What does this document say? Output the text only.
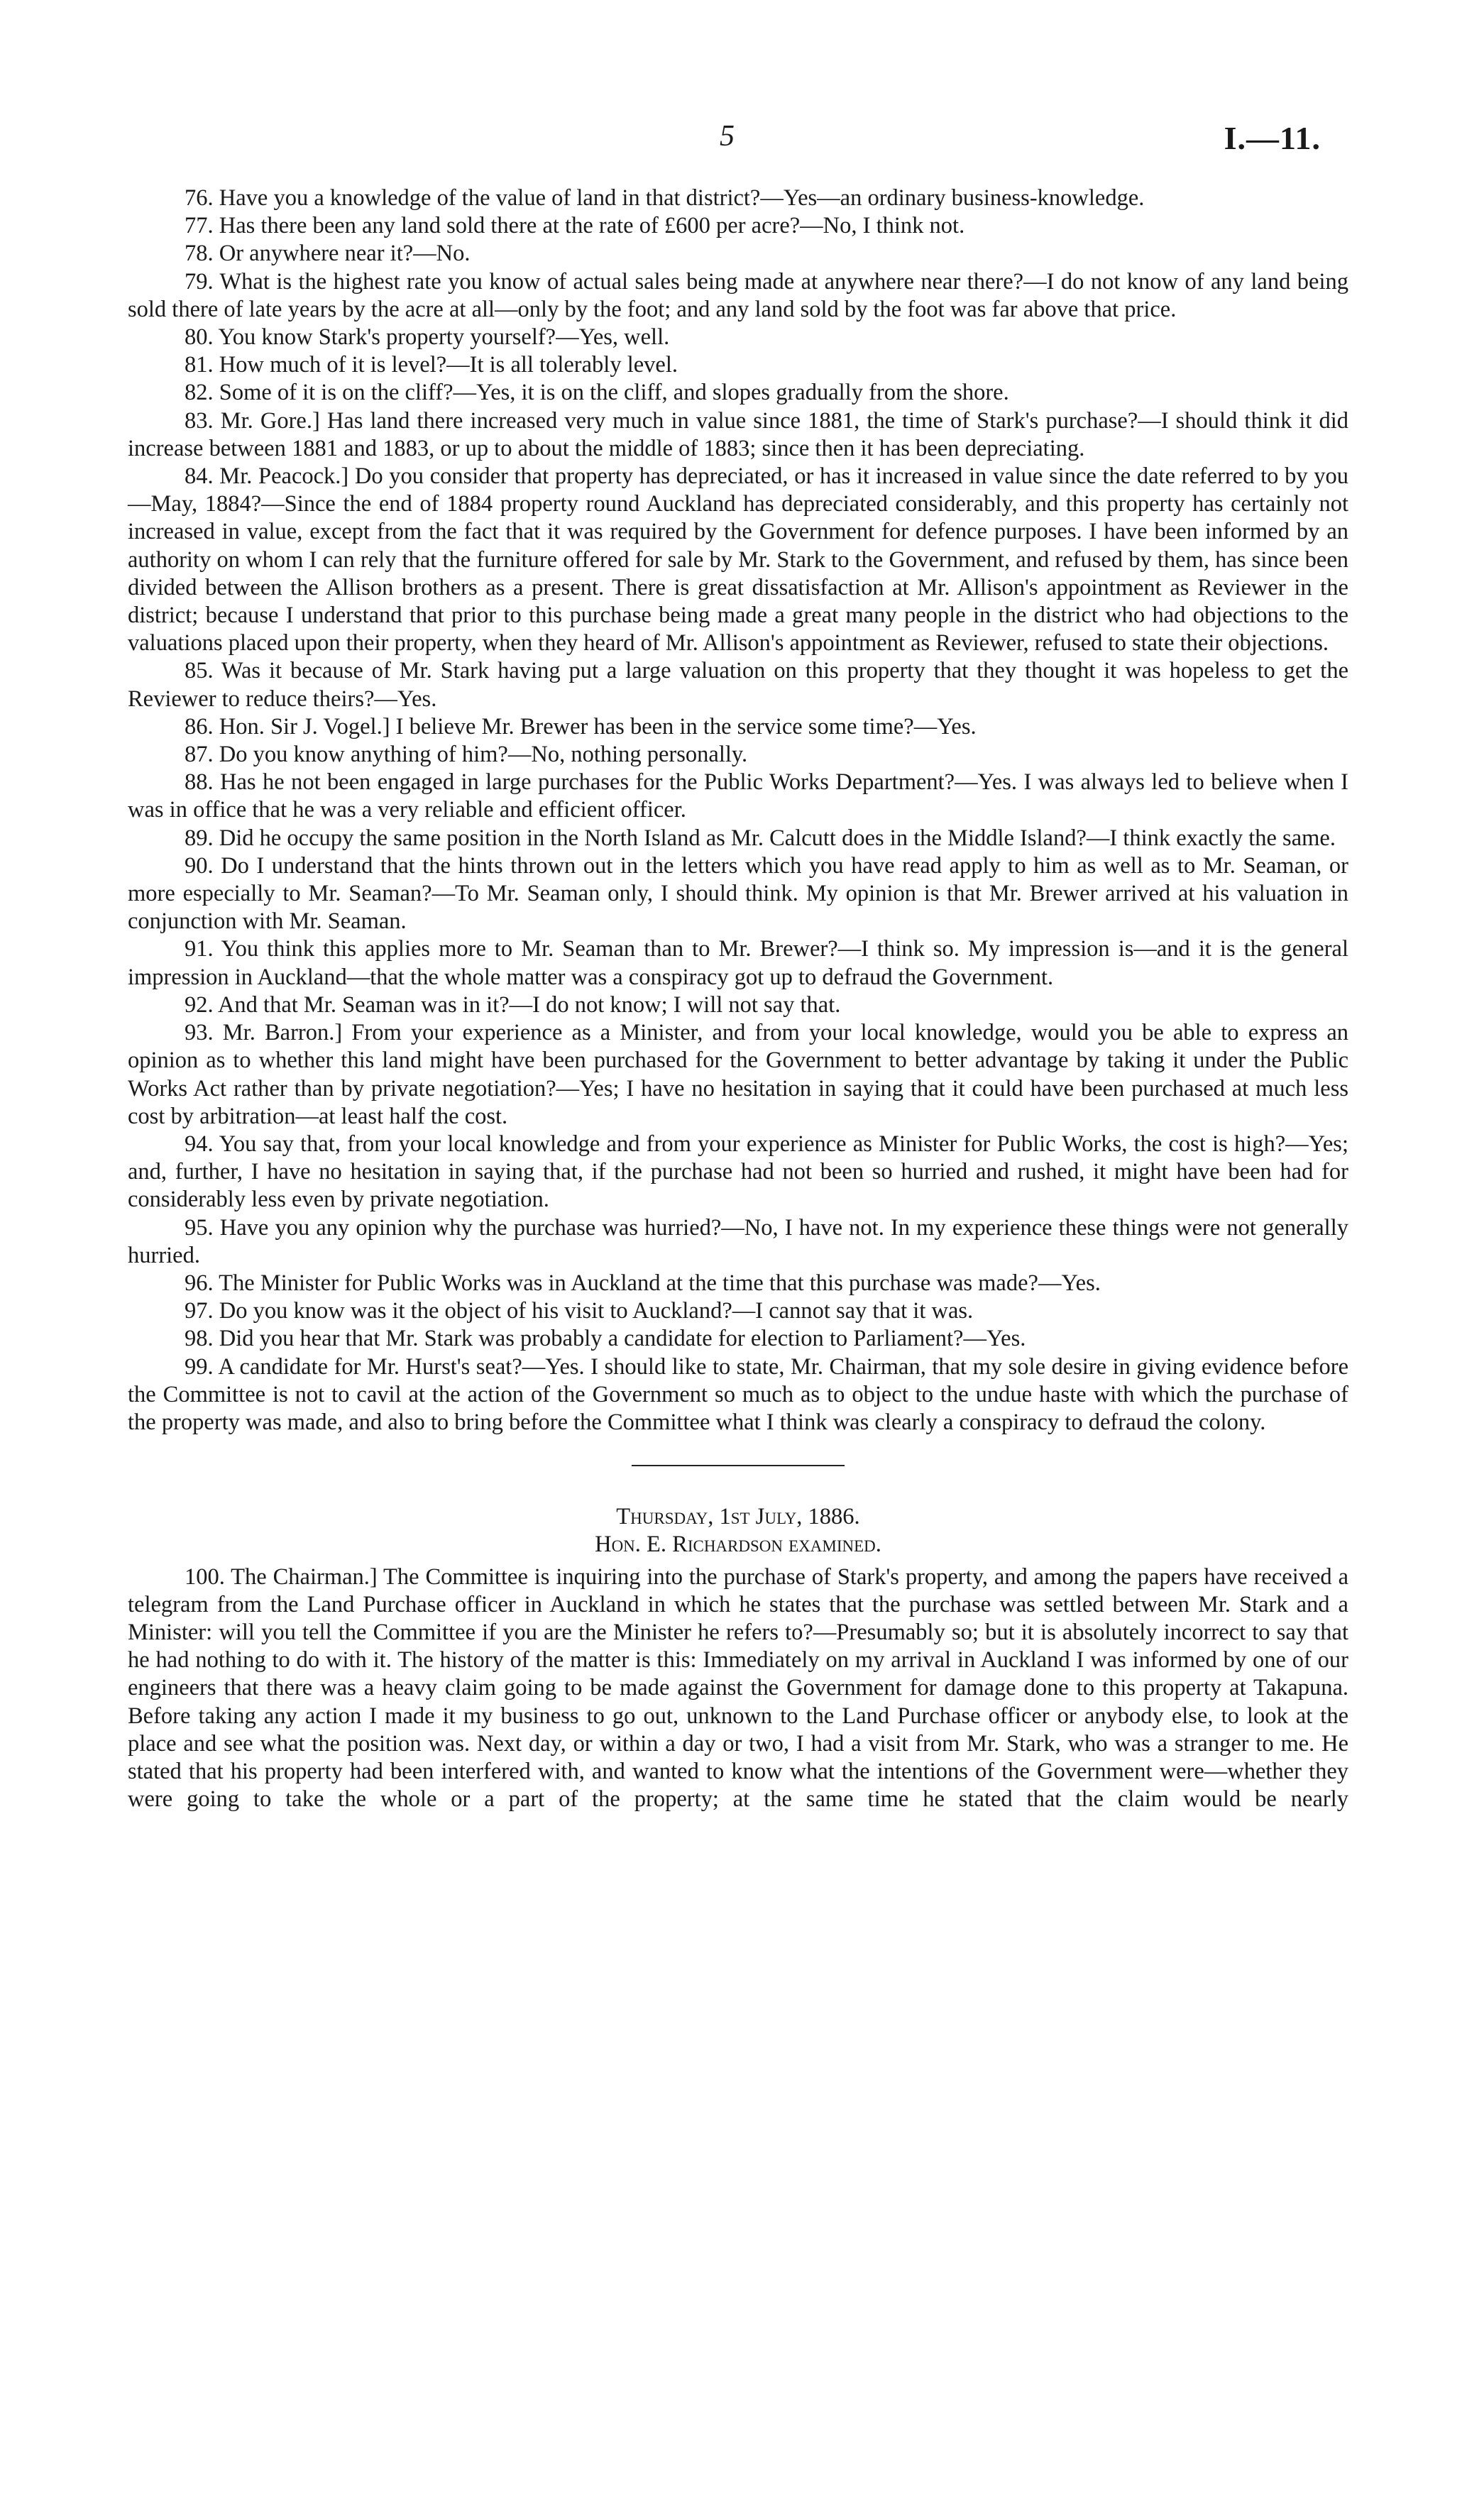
5	I.—11.

76. Have you a knowledge of the value of land in that district?—Yes—an ordinary business-knowledge.

77. Has there been any land sold there at the rate of £600 per acre?—No, I think not.

78. Or anywhere near it?—No.

79. What is the highest rate you know of actual sales being made at anywhere near there?—I do not know of any land being sold there of late years by the acre at all—only by the foot; and any land sold by the foot was far above that price.

80. You know Stark's property yourself?—Yes, well.

81. How much of it is level?—It is all tolerably level.

82. Some of it is on the cliff?—Yes, it is on the cliff, and slopes gradually from the shore.

83. Mr. Gore.] Has land there increased very much in value since 1881, the time of Stark's purchase?—I should think it did increase between 1881 and 1883, or up to about the middle of 1883; since then it has been depreciating.

84. Mr. Peacock.] Do you consider that property has depreciated, or has it increased in value since the date referred to by you—May, 1884?—Since the end of 1884 property round Auckland has depreciated considerably, and this property has certainly not increased in value, except from the fact that it was required by the Government for defence purposes. I have been informed by an authority on whom I can rely that the furniture offered for sale by Mr. Stark to the Government, and refused by them, has since been divided between the Allison brothers as a present. There is great dissatisfaction at Mr. Allison's appointment as Reviewer in the district; because I understand that prior to this purchase being made a great many people in the district who had objections to the valuations placed upon their property, when they heard of Mr. Allison's appointment as Reviewer, refused to state their objections.

85. Was it because of Mr. Stark having put a large valuation on this property that they thought it was hopeless to get the Reviewer to reduce theirs?—Yes.

86. Hon. Sir J. Vogel.] I believe Mr. Brewer has been in the service some time?—Yes.

87. Do you know anything of him?—No, nothing personally.

88. Has he not been engaged in large purchases for the Public Works Department?—Yes. I was always led to believe when I was in office that he was a very reliable and efficient officer.

89. Did he occupy the same position in the North Island as Mr. Calcutt does in the Middle Island?—I think exactly the same.

90. Do I understand that the hints thrown out in the letters which you have read apply to him as well as to Mr. Seaman, or more especially to Mr. Seaman?—To Mr. Seaman only, I should think. My opinion is that Mr. Brewer arrived at his valuation in conjunction with Mr. Seaman.

91. You think this applies more to Mr. Seaman than to Mr. Brewer?—I think so. My impression is—and it is the general impression in Auckland—that the whole matter was a conspiracy got up to defraud the Government.

92. And that Mr. Seaman was in it?—I do not know; I will not say that.

93. Mr. Barron.] From your experience as a Minister, and from your local knowledge, would you be able to express an opinion as to whether this land might have been purchased for the Government to better advantage by taking it under the Public Works Act rather than by private negotiation?—Yes; I have no hesitation in saying that it could have been purchased at much less cost by arbitration—at least half the cost.

94. You say that, from your local knowledge and from your experience as Minister for Public Works, the cost is high?—Yes; and, further, I have no hesitation in saying that, if the purchase had not been so hurried and rushed, it might have been had for considerably less even by private negotiation.

95. Have you any opinion why the purchase was hurried?—No, I have not. In my experience these things were not generally hurried.

96. The Minister for Public Works was in Auckland at the time that this purchase was made?—Yes.

97. Do you know was it the object of his visit to Auckland?—I cannot say that it was.

98. Did you hear that Mr. Stark was probably a candidate for election to Parliament?—Yes.

99. A candidate for Mr. Hurst's seat?—Yes. I should like to state, Mr. Chairman, that my sole desire in giving evidence before the Committee is not to cavil at the action of the Government so much as to object to the undue haste with which the purchase of the property was made, and also to bring before the Committee what I think was clearly a conspiracy to defraud the colony.

Thursday, 1st July, 1886.

Hon. E. Richardson examined.

100. The Chairman.] The Committee is inquiring into the purchase of Stark's property, and among the papers have received a telegram from the Land Purchase officer in Auckland in which he states that the purchase was settled between Mr. Stark and a Minister: will you tell the Committee if you are the Minister he refers to?—Presumably so; but it is absolutely incorrect to say that he had nothing to do with it. The history of the matter is this: Immediately on my arrival in Auckland I was informed by one of our engineers that there was a heavy claim going to be made against the Government for damage done to this property at Takapuna. Before taking any action I made it my business to go out, unknown to the Land Purchase officer or anybody else, to look at the place and see what the position was. Next day, or within a day or two, I had a visit from Mr. Stark, who was a stranger to me. He stated that his property had been interfered with, and wanted to know what the intentions of the Government were—whether they were going to take the whole or a part of the property; at the same time he stated that the claim would be nearly
